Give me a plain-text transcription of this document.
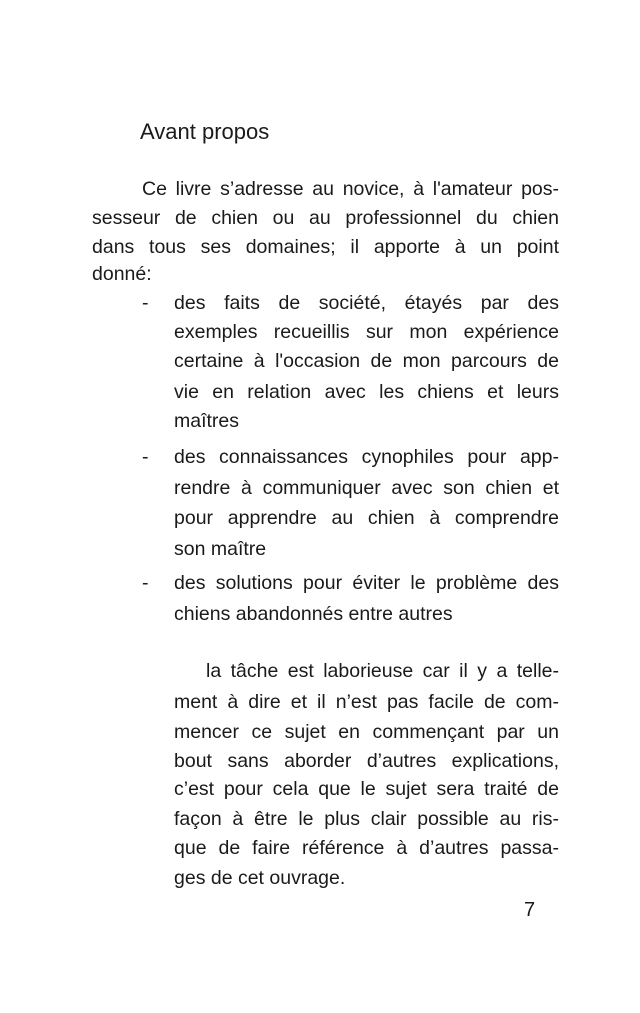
Avant propos

Ce livre s’adresse au novice, à l'amateur pos-

sesseur de chien ou au professionnel du chien

dans tous ses domaines; il apporte à un point

donné:

- des faits de société, étayés par des

exemples recueillis sur mon expérience

certaine à l'occasion de mon parcours de

vie en relation avec les chiens et leurs

maîtres

- des connaissances cynophiles pour app-

rendre à communiquer avec son chien et

pour apprendre au chien à comprendre

son maître

- des solutions pour éviter le problème des

chiens abandonnés entre autres

la tâche est laborieuse car il y a telle-

ment à dire et il n’est pas facile de com-

mencer ce sujet en commençant par un

bout sans aborder d’autres explications,

c’est pour cela que le sujet sera traité de

façon à être le plus clair possible au ris-

que de faire référence à d’autres passa-

ges de cet ouvrage.

7
